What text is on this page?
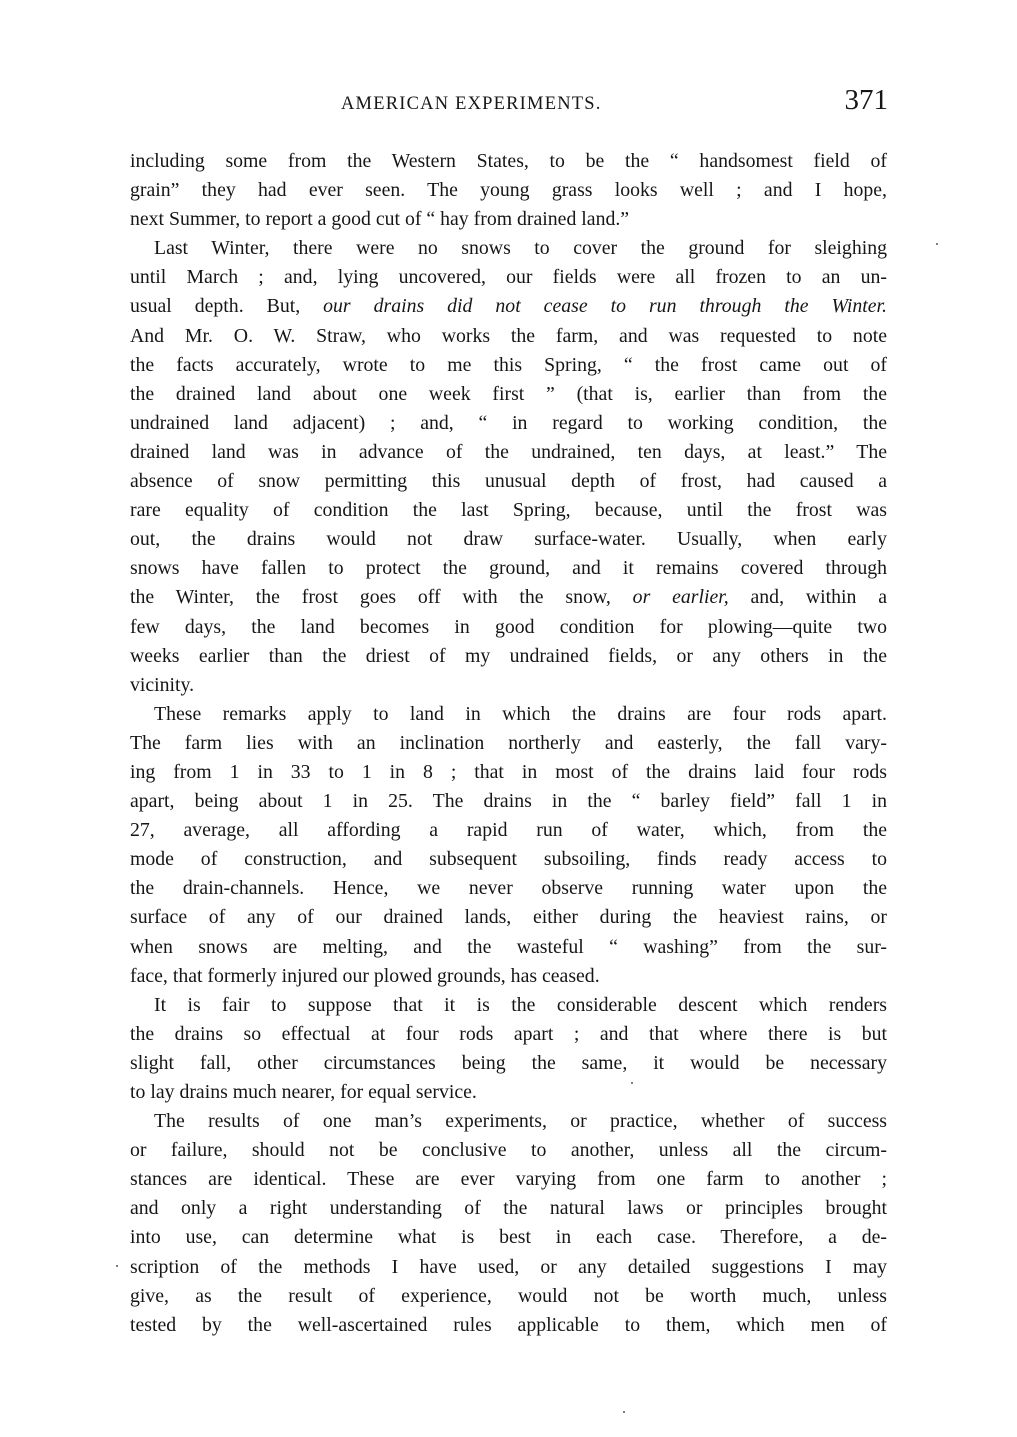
AMERICAN EXPERIMENTS.	371
including some from the Western States, to be the “ handsomest field of
grain” they had ever seen. The young grass looks well ; and I hope,
next Summer, to report a good cut of “ hay from drained land.”
Last Winter, there were no snows to cover the ground for sleighing
until March ; and, lying uncovered, our fields were all frozen to an un-
usual depth. But, our drains did not cease to run through the Winter.
And Mr. O. W. Straw, who works the farm, and was requested to note
the facts accurately, wrote to me this Spring, “ the frost came out of
the drained land about one week first ” (that is, earlier than from the
undrained land adjacent) ; and, “ in regard to working condition, the
drained land was in advance of the undrained, ten days, at least.” The
absence of snow permitting this unusual depth of frost, had caused a
rare equality of condition the last Spring, because, until the frost was
out, the drains would not draw surface-water. Usually, when early
snows have fallen to protect the ground, and it remains covered through
the Winter, the frost goes off with the snow, or earlier, and, within a
few days, the land becomes in good condition for plowing—quite two
weeks earlier than the driest of my undrained fields, or any others in the
vicinity.
These remarks apply to land in which the drains are four rods apart.
The farm lies with an inclination northerly and easterly, the fall vary-
ing from 1 in 33 to 1 in 8 ; that in most of the drains laid four rods
apart, being about 1 in 25. The drains in the “ barley field” fall 1 in
27, average, all affording a rapid run of water, which, from the
mode of construction, and subsequent subsoiling, finds ready access to
the drain-channels. Hence, we never observe running water upon the
surface of any of our drained lands, either during the heaviest rains, or
when snows are melting, and the wasteful “ washing” from the sur-
face, that formerly injured our plowed grounds, has ceased.
It is fair to suppose that it is the considerable descent which renders
the drains so effectual at four rods apart ; and that where there is but
slight fall, other circumstances being the same, it would be necessary
to lay drains much nearer, for equal service.
The results of one man’s experiments, or practice, whether of success
or failure, should not be conclusive to another, unless all the circum-
stances are identical. These are ever varying from one farm to another ;
and only a right understanding of the natural laws or principles brought
into use, can determine what is best in each case. Therefore, a de-
scription of the methods I have used, or any detailed suggestions I may
give, as the result of experience, would not be worth much, unless
tested by the well-ascertained rules applicable to them, which men of
